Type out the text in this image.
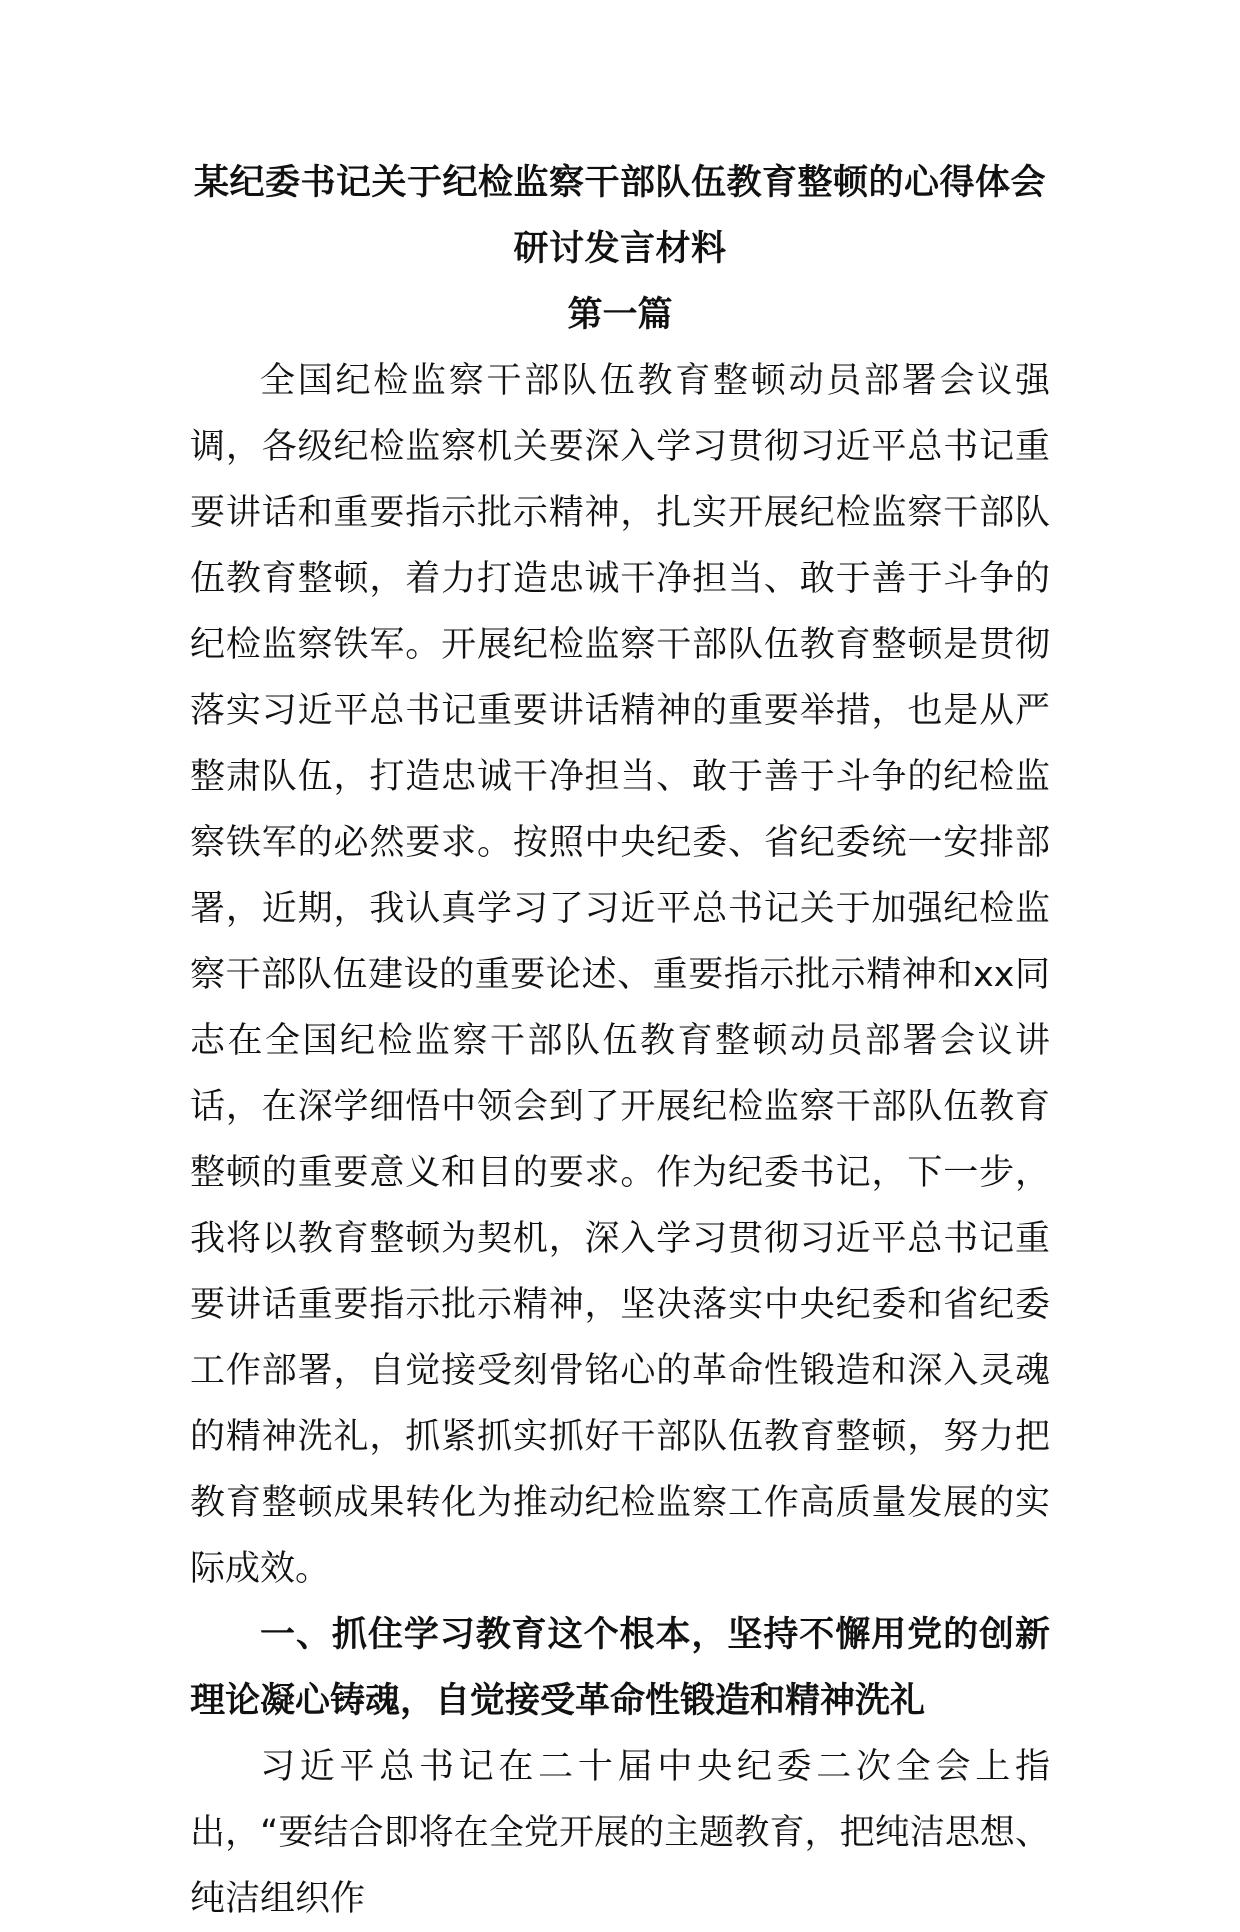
某纪委书记关于纪检监察干部队伍教育整顿的心得体会研讨发言材料
第一篇

全国纪检监察干部队伍教育整顿动员部署会议强调，各级纪检监察机关要深入学习贯彻习近平总书记重要讲话和重要指示批示精神，扎实开展纪检监察干部队伍教育整顿，着力打造忠诚干净担当、敢于善于斗争的纪检监察铁军。开展纪检监察干部队伍教育整顿是贯彻落实习近平总书记重要讲话精神的重要举措，也是从严整肃队伍，打造忠诚干净担当、敢于善于斗争的纪检监察铁军的必然要求。按照中央纪委、省纪委统一安排部署，近期，我认真学习了习近平总书记关于加强纪检监察干部队伍建设的重要论述、重要指示批示精神和xx同志在全国纪检监察干部队伍教育整顿动员部署会议讲话，在深学细悟中领会到了开展纪检监察干部队伍教育整顿的重要意义和目的要求。作为纪委书记，下一步，我将以教育整顿为契机，深入学习贯彻习近平总书记重要讲话重要指示批示精神，坚决落实中央纪委和省纪委工作部署，自觉接受刻骨铭心的革命性锻造和深入灵魂的精神洗礼，抓紧抓实抓好干部队伍教育整顿，努力把教育整顿成果转化为推动纪检监察工作高质量发展的实际成效。

一、抓住学习教育这个根本，坚持不懈用党的创新理论凝心铸魂，自觉接受革命性锻造和精神洗礼

习近平总书记在二十届中央纪委二次全会上指出，“要结合即将在全党开展的主题教育，把纯洁思想、纯洁组织作
